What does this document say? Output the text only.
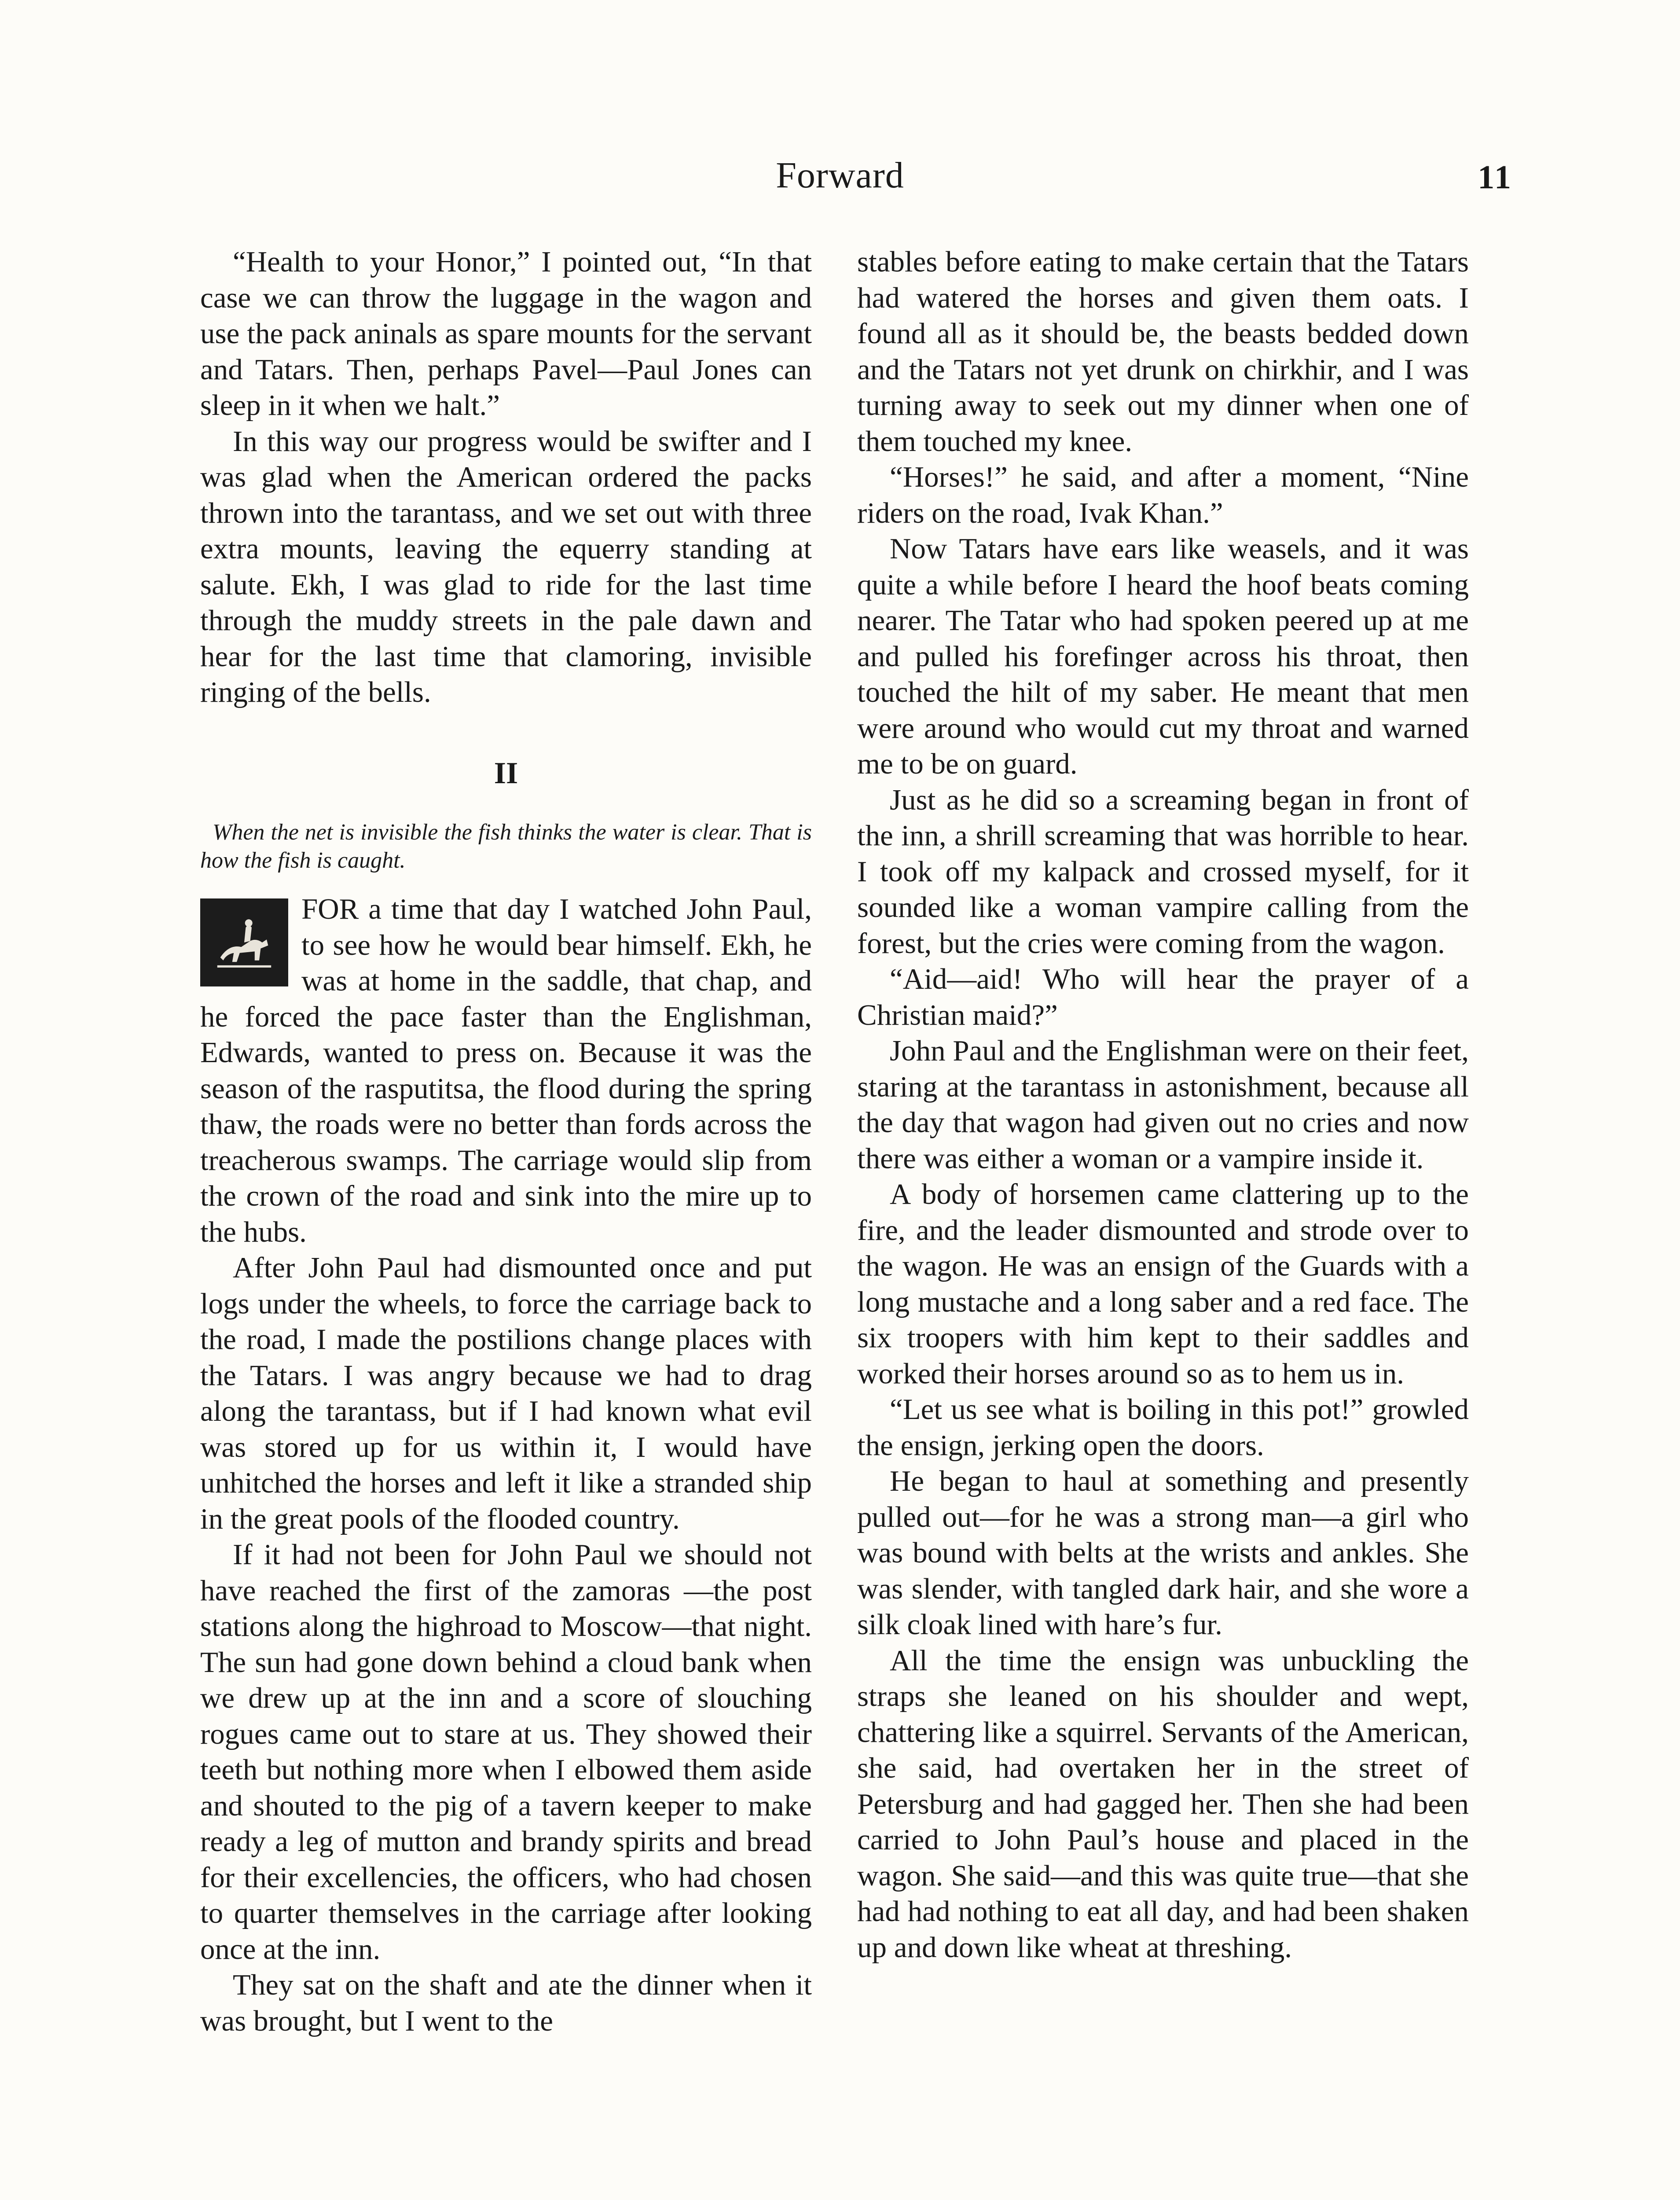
Forward	11

“Health to your Honor,” I pointed out, “In that case we can throw the luggage in the wagon and use the pack aninals as spare mounts for the servant and Tatars. Then, perhaps Pavel—Paul Jones can sleep in it when we halt.”

In this way our progress would be swifter and I was glad when the American ordered the packs thrown into the tarantass, and we set out with three extra mounts, leaving the equerry standing at salute. Ekh, I was glad to ride for the last time through the muddy streets in the pale dawn and hear for the last time that clamoring, invisible ringing of the bells.

II

When the net is invisible the fish thinks the water is clear. That is how the fish is caught.

FOR a time that day I watched John Paul, to see how he would bear himself. Ekh, he was at home in the saddle, that chap, and he forced the pace faster than the Englishman, Edwards, wanted to press on. Because it was the season of the rasputitsa, the flood during the spring thaw, the roads were no better than fords across the treacherous swamps. The carriage would slip from the crown of the road and sink into the mire up to the hubs.

After John Paul had dismounted once and put logs under the wheels, to force the carriage back to the road, I made the postilions change places with the Tatars. I was angry because we had to drag along the tarantass, but if I had known what evil was stored up for us within it, I would have unhitched the horses and left it like a stranded ship in the great pools of the flooded country.

If it had not been for John Paul we should not have reached the first of the zamoras —the post stations along the highroad to Moscow—that night. The sun had gone down behind a cloud bank when we drew up at the inn and a score of slouching rogues came out to stare at us. They showed their teeth but nothing more when I elbowed them aside and shouted to the pig of a tavern keeper to make ready a leg of mutton and brandy spirits and bread for their excellencies, the officers, who had chosen to quarter themselves in the carriage after looking once at the inn.

They sat on the shaft and ate the dinner when it was brought, but I went to the

stables before eating to make certain that the Tatars had watered the horses and given them oats. I found all as it should be, the beasts bedded down and the Tatars not yet drunk on chirkhir, and I was turning away to seek out my dinner when one of them touched my knee.

“Horses!” he said, and after a moment, “Nine riders on the road, Ivak Khan.”

Now Tatars have ears like weasels, and it was quite a while before I heard the hoof beats coming nearer. The Tatar who had spoken peered up at me and pulled his forefinger across his throat, then touched the hilt of my saber. He meant that men were around who would cut my throat and warned me to be on guard.

Just as he did so a screaming began in front of the inn, a shrill screaming that was horrible to hear. I took off my kalpack and crossed myself, for it sounded like a woman vampire calling from the forest, but the cries were coming from the wagon.

“Aid—aid! Who will hear the prayer of a Christian maid?”

John Paul and the Englishman were on their feet, staring at the tarantass in astonishment, because all the day that wagon had given out no cries and now there was either a woman or a vampire inside it.

A body of horsemen came clattering up to the fire, and the leader dismounted and strode over to the wagon. He was an ensign of the Guards with a long mustache and a long saber and a red face. The six troopers with him kept to their saddles and worked their horses around so as to hem us in.

“Let us see what is boiling in this pot!” growled the ensign, jerking open the doors.

He began to haul at something and presently pulled out—for he was a strong man—a girl who was bound with belts at the wrists and ankles. She was slender, with tangled dark hair, and she wore a silk cloak lined with hare’s fur.

All the time the ensign was unbuckling the straps she leaned on his shoulder and wept, chattering like a squirrel. Servants of the American, she said, had overtaken her in the street of Petersburg and had gagged her. Then she had been carried to John Paul’s house and placed in the wagon. She said—and this was quite true—that she had had nothing to eat all day, and had been shaken up and down like wheat at threshing.
